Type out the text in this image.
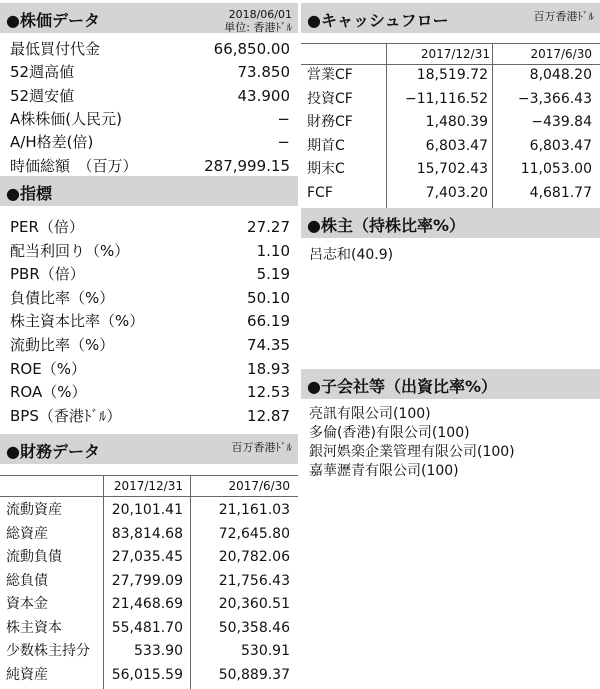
●株価データ	2018/06/01
単位: 香港ﾄﾞﾙ
最低買付代金	66,850.00
52週高値	73.850
52週安値	43.900
A株株価(人民元)	−
A/H格差(倍)	−
時価総額　（百万）	287,999.15
●指標
PER（倍）	27.27
配当利回り（%）	1.10
PBR（倍）	5.19
負債比率（%）	50.10
株主資本比率（%）	66.19
流動比率（%）	74.35
ROE（%）	18.93
ROA（%）	12.53
BPS（香港ﾄﾞﾙ）	12.87
●財務データ	百万香港ﾄﾞﾙ
2017/12/31	2017/6/30
流動資産	20,101.41	21,161.03
総資産	83,814.68	72,645.80
流動負債	27,035.45	20,782.06
総負債	27,799.09	21,756.43
資本金	21,468.69	20,360.51
株主資本	55,481.70	50,358.46
少数株主持分	533.90	530.91
純資産	56,015.59	50,889.37
●キャッシュフロー	百万香港ﾄﾞﾙ
2017/12/31	2017/6/30
営業CF	18,519.72	8,048.20
投資CF	−11,116.52 −3,366.43
財務CF	1,480.39	−439.84
期首C	6,803.47	6,803.47
期末C	15,702.43 11,053.00
FCF	7,403.20	4,681.77
●株主（持株比率%）
呂志和(40.9)
●子会社等（出資比率%）
亮訊有限公司(100)
多倫(香港)有限公司(100)
銀河娯楽企業管理有限公司(100)
嘉華瀝青有限公司(100)
